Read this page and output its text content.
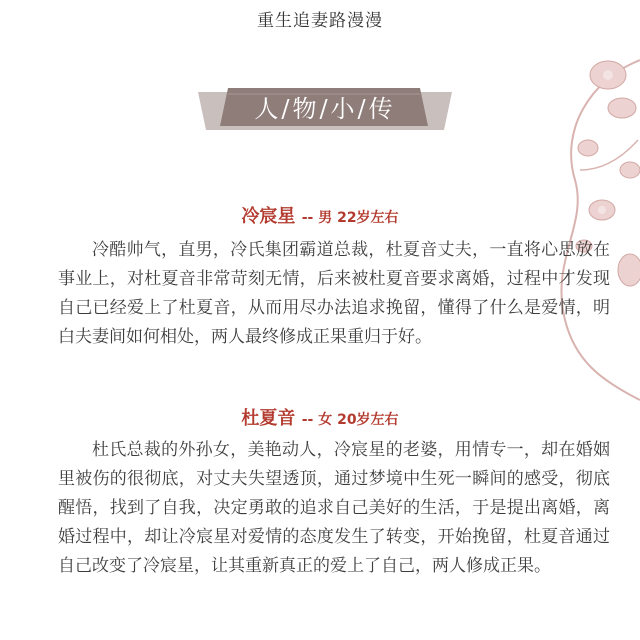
重生追妻路漫漫
人/物/小/传
冷宸星 -- 男 22岁左右
冷酷帅气，直男，冷氏集团霸道总裁，杜夏音丈夫，一直将心思放在事业上，对杜夏音非常苛刻无情，后来被杜夏音要求离婚，过程中才发现自己已经爱上了杜夏音，从而用尽办法追求挽留，懂得了什么是爱情，明白夫妻间如何相处，两人最终修成正果重归于好。
杜夏音 -- 女 20岁左右
杜氏总裁的外孙女，美艳动人，冷宸星的老婆，用情专一，却在婚姻里被伤的很彻底，对丈夫失望透顶，通过梦境中生死一瞬间的感受，彻底醒悟，找到了自我，决定勇敢的追求自己美好的生活，于是提出离婚，离婚过程中，却让冷宸星对爱情的态度发生了转变，开始挽留，杜夏音通过自己改变了冷宸星，让其重新真正的爱上了自己，两人修成正果。
